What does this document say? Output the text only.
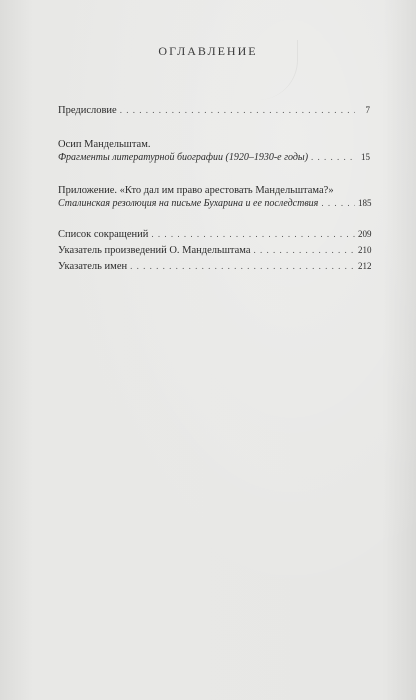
ОГЛАВЛЕНИЕ
Предисловие . . .	7
Осип Мандельштам.
Фрагменты литературной биографии (1920–1930-е годы) . . .	15
Приложение. «Кто дал им право арестовать Мандельштама?»
Сталинская резолюция на письме Бухарина и ее последствия . . .	185
Список сокращений . . .	209
Указатель произведений О. Мандельштама . . .	210
Указатель имен . . .	212
